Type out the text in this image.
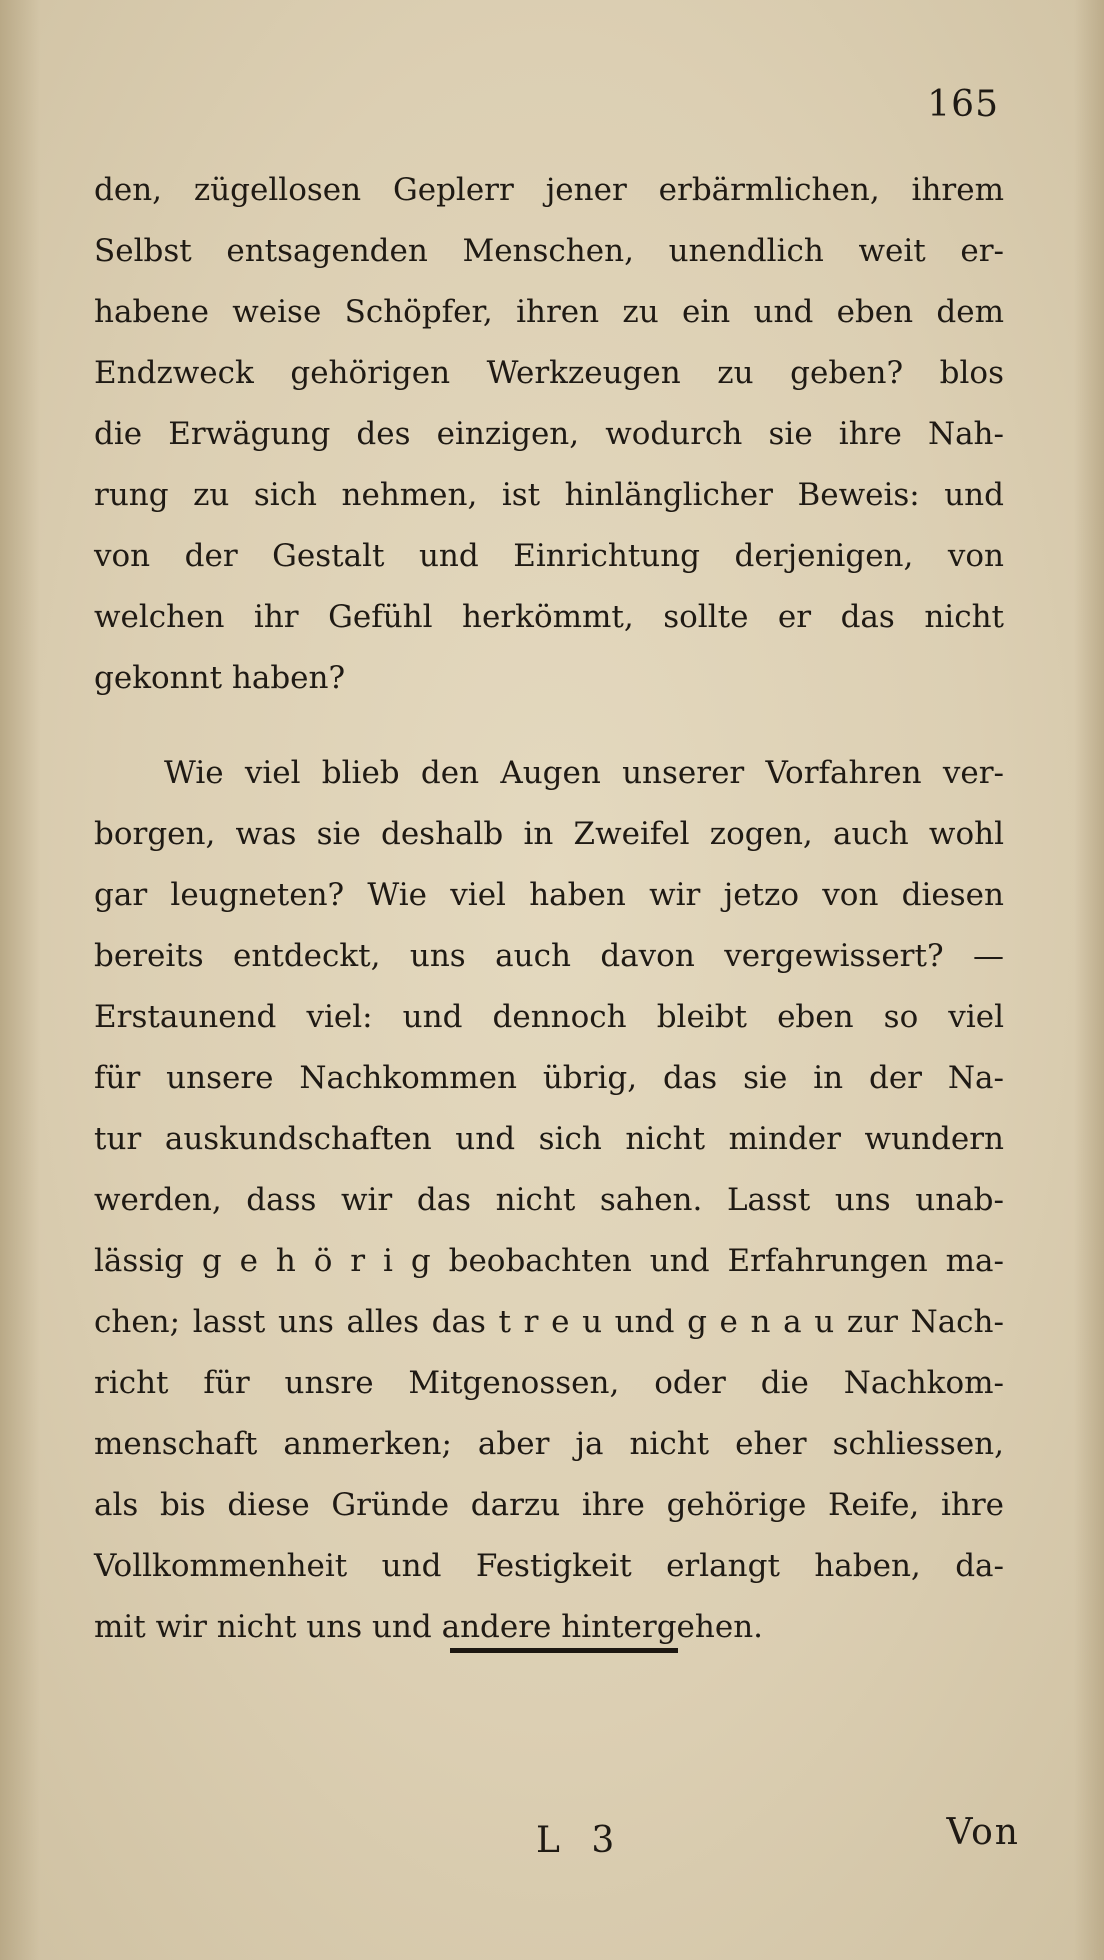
165
den, zügellosen Geplerr jener erbärmlichen, ihrem
Selbst entsagenden Menschen, unendlich weit er-
habene weise Schöpfer, ihren zu ein und eben dem
Endzweck gehörigen Werkzeugen zu geben? blos
die Erwägung des einzigen, wodurch sie ihre Nah-
rung zu sich nehmen, ist hinlänglicher Beweis: und
von der Gestalt und Einrichtung derjenigen, von
welchen ihr Gefühl herkömmt, sollte er das nicht
gekonnt haben?
Wie viel blieb den Augen unserer Vorfahren ver-
borgen, was sie deshalb in Zweifel zogen, auch wohl
gar leugneten? Wie viel haben wir jetzo von diesen
bereits entdeckt, uns auch davon vergewissert? —
Erstaunend viel: und dennoch bleibt eben so viel
für unsere Nachkommen übrig, das sie in der Na-
tur auskundschaften und sich nicht minder wundern
werden, dass wir das nicht sahen. Lasst uns unab-
lässig g e h ö r i g beobachten und Erfahrungen ma-
chen; lasst uns alles das t r e u und g e n a u zur Nach-
richt für unsre Mitgenossen, oder die Nachkom-
menschaft anmerken; aber ja nicht eher schliessen,
als bis diese Gründe darzu ihre gehörige Reife, ihre
Vollkommenheit und Festigkeit erlangt haben, da-
mit wir nicht uns und andere hintergehen.
L 3	Von
